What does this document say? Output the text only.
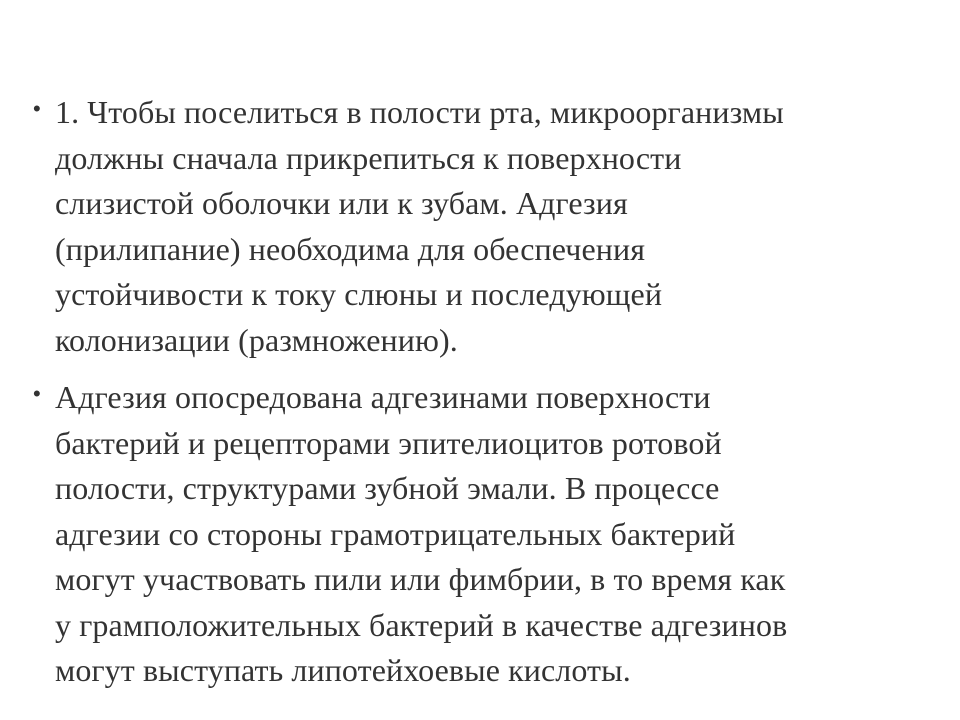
• 1. Чтобы поселиться в полости рта, микроорганизмы
должны сначала прикрепиться к поверхности
слизистой оболочки или к зубам. Адгезия
(прилипание) необходима для обеспечения
устойчивости к току слюны и последующей
колонизации (размножению).
• Адгезия опосредована адгезинами поверхности
бактерий и рецепторами эпителиоцитов ротовой
полости, структурами зубной эмали. В процессе
адгезии со стороны грамотрицательных бактерий
могут участвовать пили или фимбрии, в то время как
у грамположительных бактерий в качестве адгезинов
могут выступать липотейхоевые кислоты.
